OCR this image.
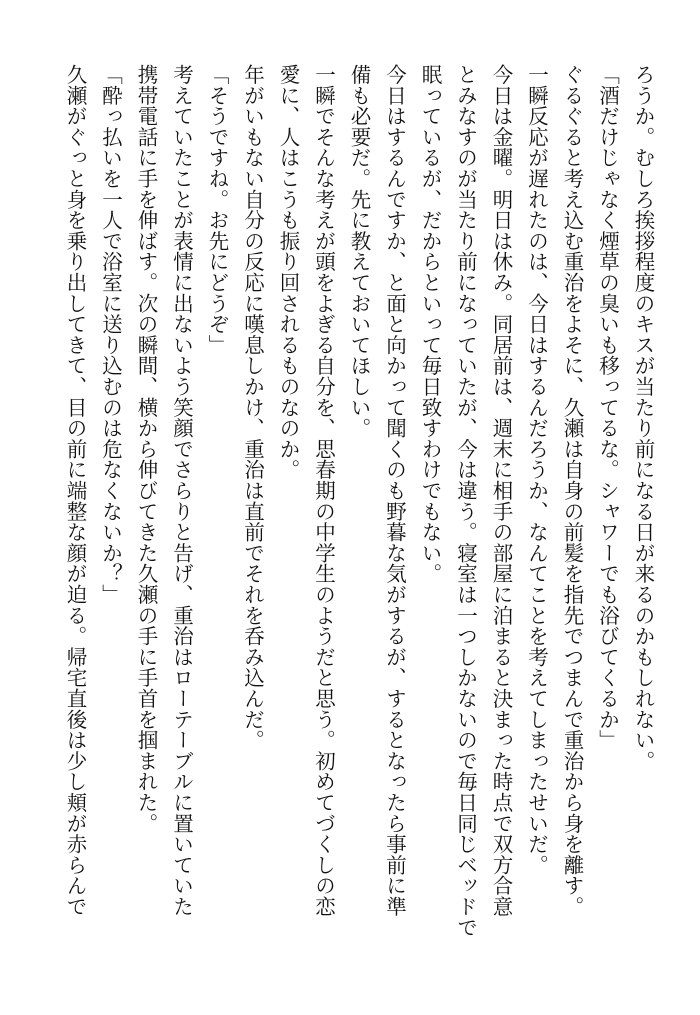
ろうか。むしろ挨拶程度のキスが当たり前になる日が来るのかもしれない。
「酒だけじゃなく煙草の臭いも移ってるな。シャワーでも浴びてくるか」
ぐるぐると考え込む重治をよそに、久瀬は自身の前髪を指先でつまんで重治から身を離す。
一瞬反応が遅れたのは、今日はするんだろうか、なんてことを考えてしまったせいだ。
今日は金曜。明日は休み。同居前は、週末に相手の部屋に泊まると決まった時点で双方合意
とみなすのが当たり前になっていたが、今は違う。寝室は一つしかないので毎日同じベッドで
眠っているが、だからといって毎日致すわけでもない。
今日はするんですか、と面と向かって聞くのも野暮な気がするが、するとなったら事前に準
備も必要だ。先に教えておいてほしい。
一瞬でそんな考えが頭をよぎる自分を、思春期の中学生のようだと思う。初めてづくしの恋
愛に、人はこうも振り回されるものなのか。
年がいもない自分の反応に嘆息しかけ、重治は直前でそれを呑み込んだ。
「そうですね。お先にどうぞ」
考えていたことが表情に出ないよう笑顔でさらりと告げ、重治はローテーブルに置いていた
携帯電話に手を伸ばす。次の瞬間、横から伸びてきた久瀬の手に手首を掴まれた。
「酔っ払いを一人で浴室に送り込むのは危なくないか？」
久瀬がぐっと身を乗り出してきて、目の前に端整な顔が迫る。帰宅直後は少し頬が赤らんで
